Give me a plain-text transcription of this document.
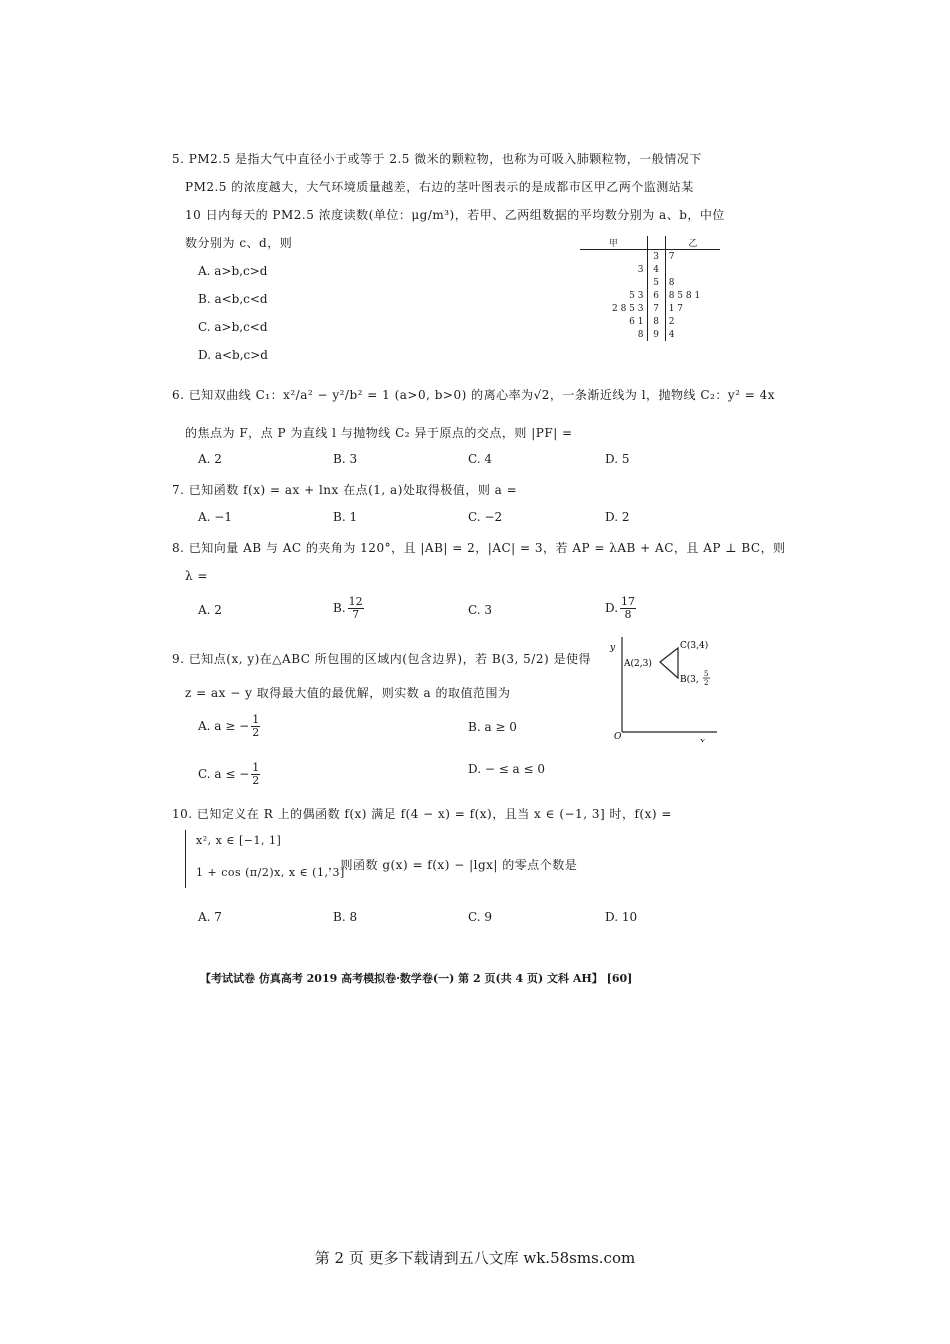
5. PM2.5 是指大气中直径小于或等于 2.5 微米的颗粒物，也称为可吸入肺颗粒物，一般情况下
PM2.5 的浓度越大，大气环境质量越差，右边的茎叶图表示的是成都市区甲乙两个监测站某
10 日内每天的 PM2.5 浓度读数(单位：μg/m³)，若甲、乙两组数据的平均数分别为 a、b，中位
数分别为 c、d，则
A. a>b,c>d
B. a<b,c<d
C. a>b,c<d
D. a<b,c>d
甲		乙
	3	7
3	4	
	5	8
5 3	6	8 5 8 1
2 8 5 3	7	1 7
6 1	8	2
8	9	4
6. 已知双曲线 C₁：x²/a² − y²/b² = 1 (a>0, b>0) 的离心率为√2，一条渐近线为 l，抛物线 C₂：y² = 4x
的焦点为 F，点 P 为直线 l 与抛物线 C₂ 异于原点的交点，则 |PF| =
A. 2	B. 3	C. 4	D. 5
7. 已知函数 f(x) = ax + lnx 在点(1, a)处取得极值，则 a =
A. −1	B. 1	C. −2	D. 2
8. 已知向量 AB 与 AC 的夹角为 120°，且 |AB| = 2，|AC| = 3，若 AP = λAB + AC，且 AP ⊥ BC，则
λ =
A. 2	B. $\frac{12}{7}$	C. 3	D. $\frac{17}{8}$
9. 已知点(x, y)在△ABC 所包围的区域内(包含边界)，若 B(3, 5/2) 是使得
z = ax − y 取得最大值的最优解，则实数 a 的取值范围为
A. a ≥ − $\frac{1}{2}$	B. a ≥ 0
C. a ≤ − $\frac{1}{2}$	D. − ≤ a ≤ 0
y
x
O
C(3,4)
A(2,3)
B(3,
5
2
10. 已知定义在 R 上的偶函数 f(x) 满足 f(4 − x) = f(x)，且当 x ∈ (−1, 3] 时，f(x) =
x², x ∈ [−1, 1]
1 + cos (π/2)x, x ∈ (1, 3]
，则函数 g(x) = f(x) − |lgx| 的零点个数是
A. 7	B. 8	C. 9	D. 10
【考试试卷 仿真高考 2019 高考模拟卷·数学卷(一) 第 2 页(共 4 页) 文科 AH】 [60]
第 2 页 更多下载请到五八文库 wk.58sms.com
